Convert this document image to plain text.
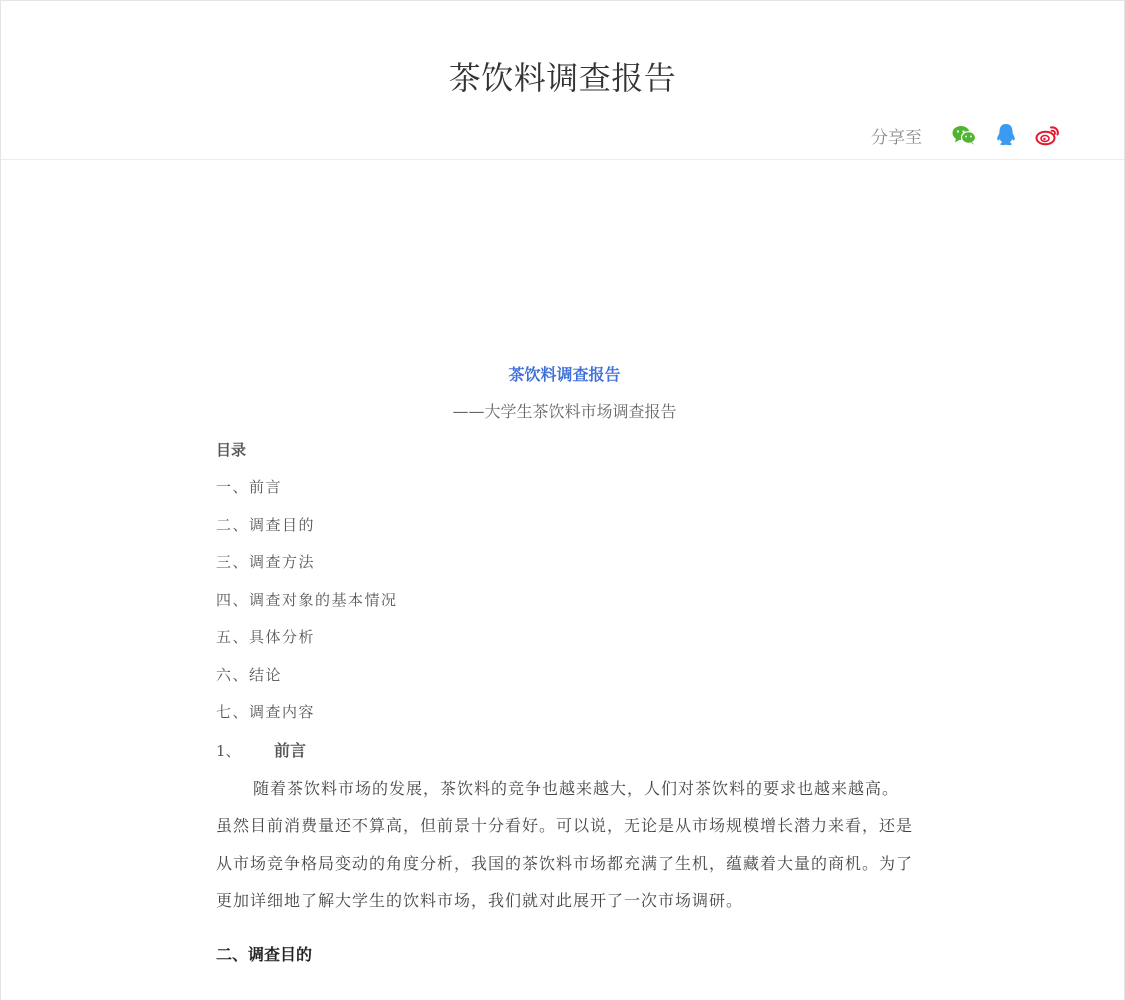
茶饮料调查报告
分享至
茶饮料调查报告
——大学生茶饮料市场调查报告
目录
一、前言
二、调查目的
三、调查方法
四、调查对象的基本情况
五、具体分析
六、结论
七、调查内容
1、 前言

随着茶饮料市场的发展，茶饮料的竞争也越来越大，人们对茶饮料的要求也越来越高。虽然目前消费量还不算高，但前景十分看好。可以说，无论是从市场规模增长潜力来看，还是从市场竞争格局变动的角度分析，我国的茶饮料市场都充满了生机，蕴藏着大量的商机。为了更加详细地了解大学生的饮料市场，我们就对此展开了一次市场调研。

二、调查目的
